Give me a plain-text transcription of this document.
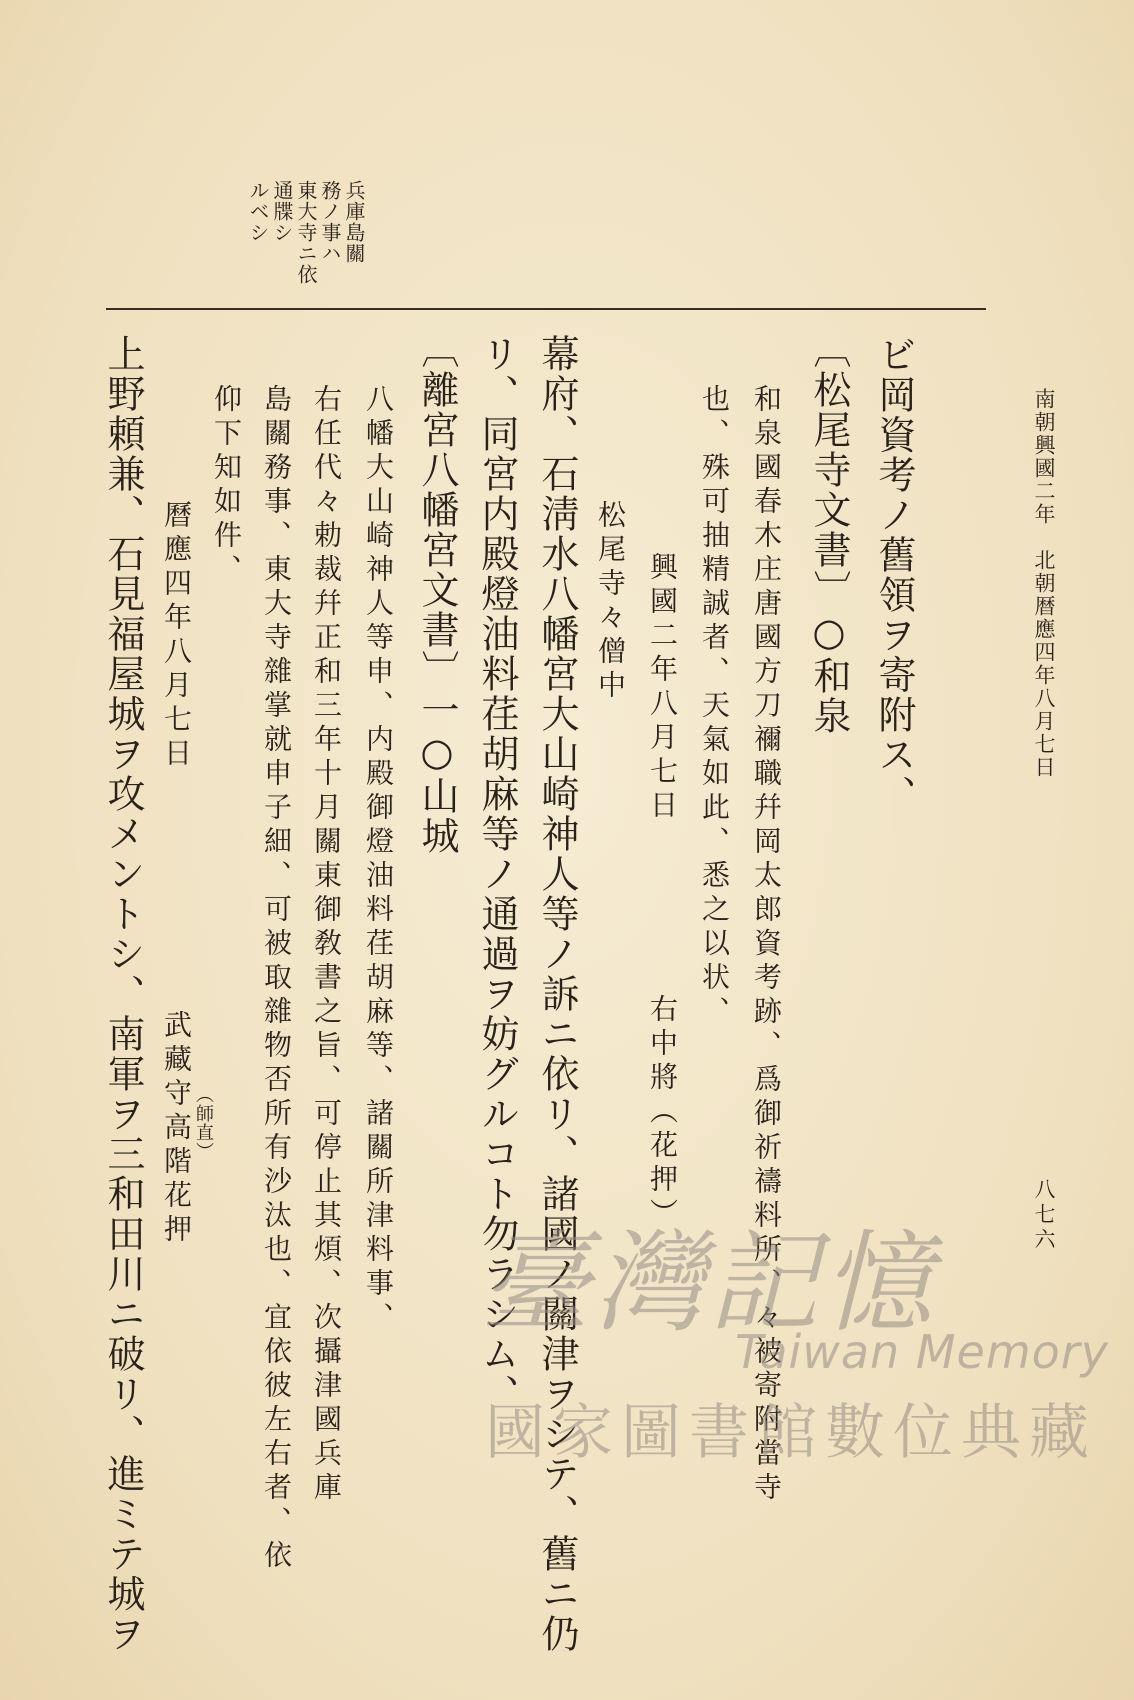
南朝興國二年　北朝暦應四年八月七日
八七六
兵庫島關
務ノ事ハ
東大寺ニ依
通牒シ
ルベシ
ビ岡資考ノ舊領ヲ寄附ス、
〔松尾寺文書〕○和泉
和泉國春木庄唐國方刀禰職幷岡太郎資考跡、爲御祈禱料所、々被寄附當寺
也、殊可抽精誠者、天氣如此、悉之以状、
興國二年八月七日　　　　　右中將（花押）
松尾寺々僧中
幕府、石淸水八幡宮大山崎神人等ノ訴ニ依リ、諸國ノ關津ヲシテ、舊ニ仍
リ、同宮内殿燈油料荏胡麻等ノ通過ヲ妨グルコト勿ラシム、
〔離宮八幡宮文書〕一○山城
八幡大山崎神人等申、内殿御燈油料荏胡麻等、諸關所津料事、
右任代々勅裁幷正和三年十月關東御敎書之旨、可停止其煩、次攝津國兵庫
島關務事、東大寺雜掌就申子細、可被取雜物否所有沙汰也、宜依彼左右者、依
仰下知如件、
曆應四年八月七日　　　　　　　武藏守高階花押 （師直）
上野頼兼、石見福屋城ヲ攻メントシ、南軍ヲ三和田川ニ破リ、進ミテ城ヲ	臺灣記憶
Taiwan Memory
國家圖書館數位典藏
